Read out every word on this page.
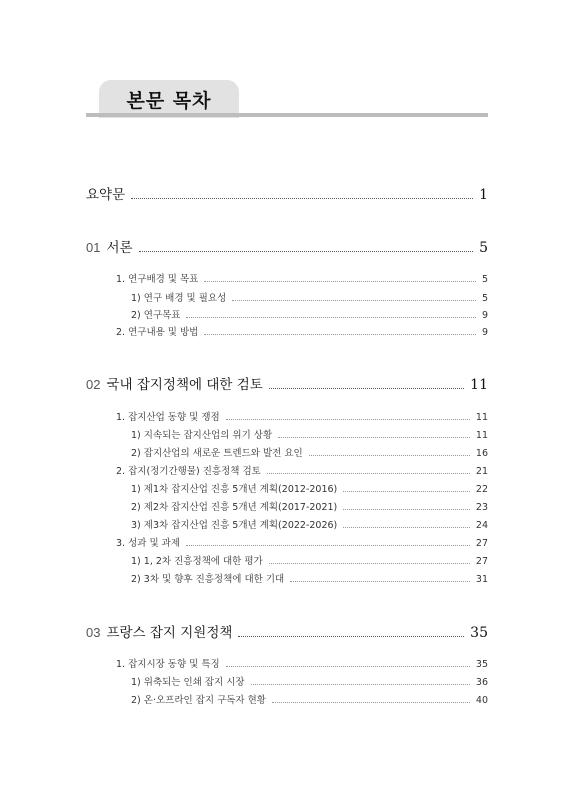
본문 목차
요약문	1
01 서론	5
1. 연구배경 및 목표	5
1) 연구 배경 및 필요성	5
2) 연구목표	9
2. 연구내용 및 방법	9
02 국내 잡지정책에 대한 검토	11
1. 잡지산업 동향 및 쟁점	11
1) 지속되는 잡지산업의 위기 상황	11
2) 잡지산업의 새로운 트렌드와 발전 요인	16
2. 잡지(정기간행물) 진흥정책 검토	21
1) 제1차 잡지산업 진흥 5개년 계획(2012-2016)	22
2) 제2차 잡지산업 진흥 5개년 계획(2017-2021)	23
3) 제3차 잡지산업 진흥 5개년 계획(2022-2026)	24
3. 성과 및 과제	27
1) 1, 2차 진흥정책에 대한 평가	27
2) 3차 및 향후 진흥정책에 대한 기대	31
03 프랑스 잡지 지원정책	35
1. 잡지시장 동향 및 특징	35
1) 위축되는 인쇄 잡지 시장	36
2) 온·오프라인 잡지 구독자 현황	40
